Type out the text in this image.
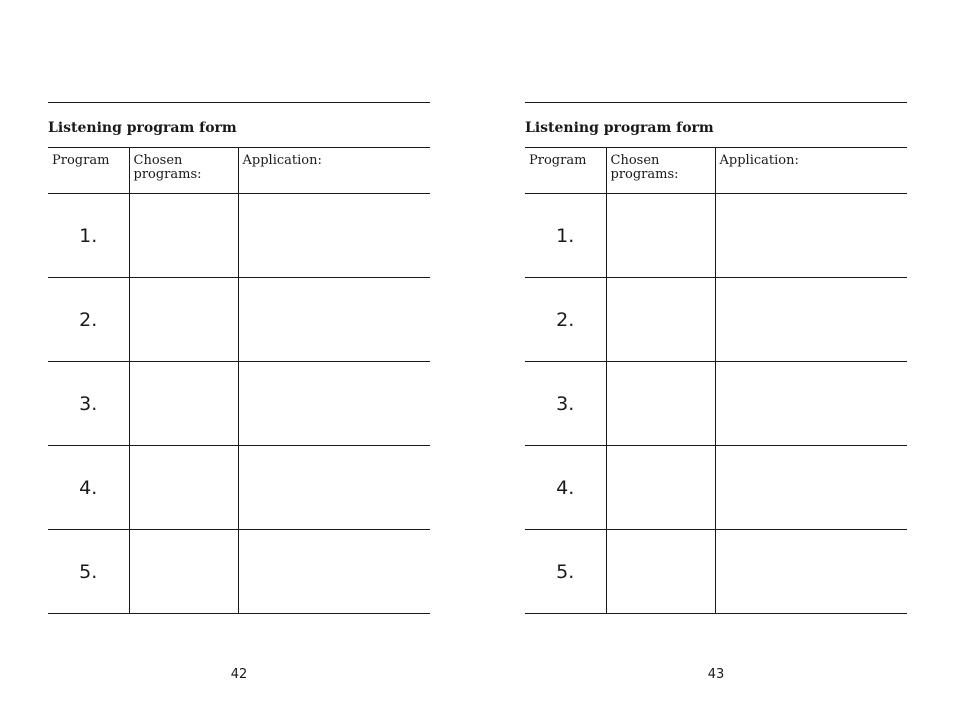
Listening program form
Program	Chosen programs:	Application:
1.		
2.		
3.		
4.		
5.		
42
Listening program form
Program	Chosen programs:	Application:
1.		
2.		
3.		
4.		
5.		
43
